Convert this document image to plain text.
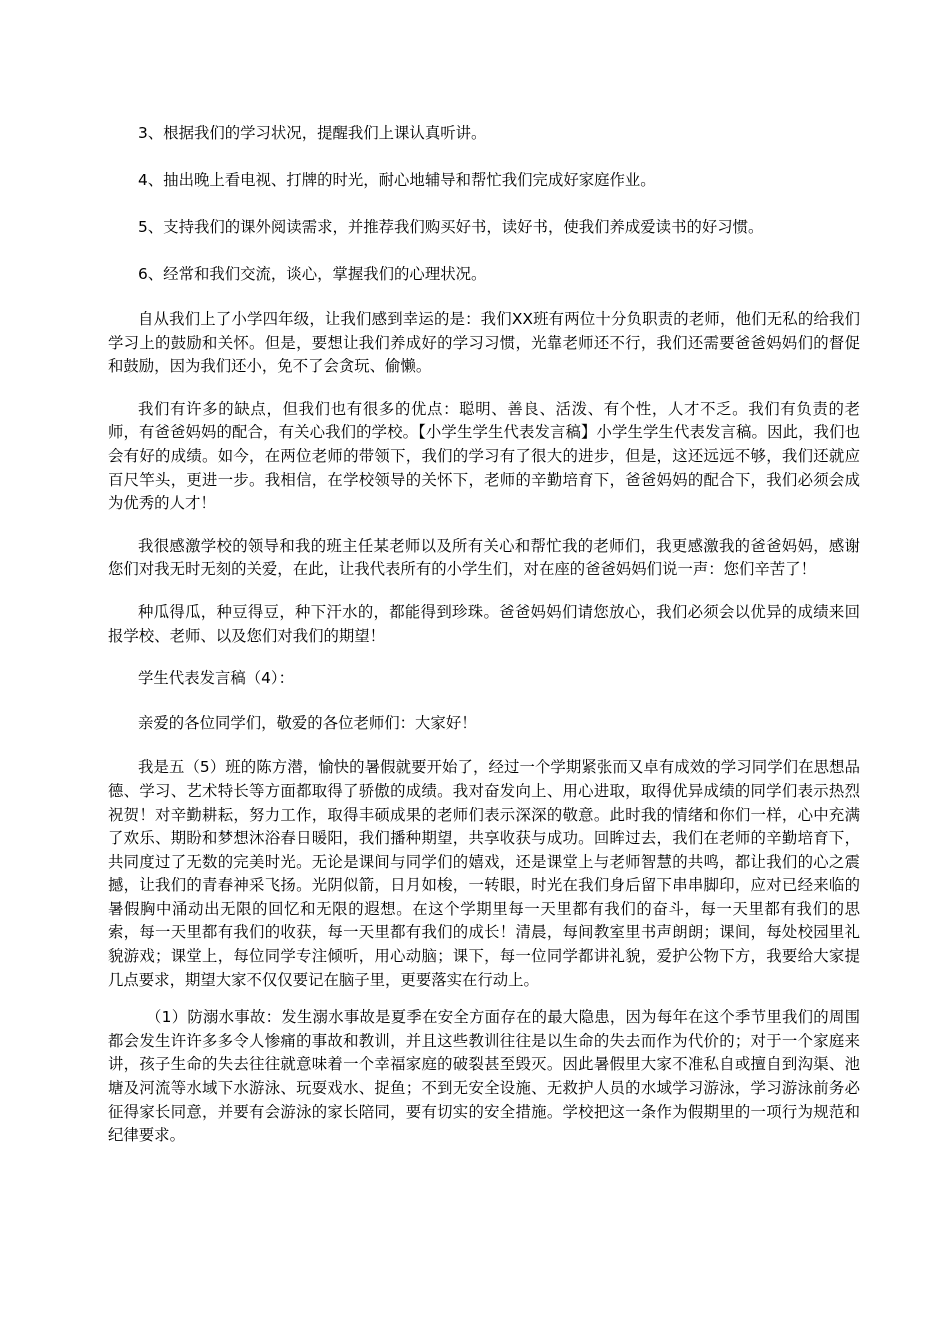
3、根据我们的学习状况，提醒我们上课认真听讲。

4、抽出晚上看电视、打牌的时光，耐心地辅导和帮忙我们完成好家庭作业。

5、支持我们的课外阅读需求，并推荐我们购买好书，读好书，使我们养成爱读书的好习惯。

6、经常和我们交流，谈心，掌握我们的心理状况。

自从我们上了小学四年级，让我们感到幸运的是：我们XX班有两位十分负职责的老师，他们无私的给我们学习上的鼓励和关怀。但是，要想让我们养成好的学习习惯，光靠老师还不行，我们还需要爸爸妈妈们的督促和鼓励，因为我们还小，免不了会贪玩、偷懒。

我们有许多的缺点，但我们也有很多的优点：聪明、善良、活泼、有个性，人才不乏。我们有负责的老师，有爸爸妈妈的配合，有关心我们的学校。【小学生学生代表发言稿】小学生学生代表发言稿。因此，我们也会有好的成绩。如今，在两位老师的带领下，我们的学习有了很大的进步，但是，这还远远不够，我们还就应百尺竿头，更进一步。我相信，在学校领导的关怀下，老师的辛勤培育下，爸爸妈妈的配合下，我们必须会成为优秀的人才！

我很感激学校的领导和我的班主任某老师以及所有关心和帮忙我的老师们，我更感激我的爸爸妈妈，感谢您们对我无时无刻的关爱，在此，让我代表所有的小学生们，对在座的爸爸妈妈们说一声：您们辛苦了！

种瓜得瓜，种豆得豆，种下汗水的，都能得到珍珠。爸爸妈妈们请您放心，我们必须会以优异的成绩来回报学校、老师、以及您们对我们的期望！

学生代表发言稿（4）：

亲爱的各位同学们，敬爱的各位老师们：大家好！

我是五（5）班的陈方潜，愉快的暑假就要开始了，经过一个学期紧张而又卓有成效的学习同学们在思想品德、学习、艺术特长等方面都取得了骄傲的成绩。我对奋发向上、用心进取，取得优异成绩的同学们表示热烈祝贺！对辛勤耕耘，努力工作，取得丰硕成果的老师们表示深深的敬意。此时我的情绪和你们一样，心中充满了欢乐、期盼和梦想沐浴春日暖阳，我们播种期望，共享收获与成功。回眸过去，我们在老师的辛勤培育下，共同度过了无数的完美时光。无论是课间与同学们的嬉戏，还是课堂上与老师智慧的共鸣，都让我们的心之震撼，让我们的青春神采飞扬。光阴似箭，日月如梭，一转眼，时光在我们身后留下串串脚印，应对已经来临的暑假胸中涌动出无限的回忆和无限的遐想。在这个学期里每一天里都有我们的奋斗，每一天里都有我们的思索，每一天里都有我们的收获，每一天里都有我们的成长！清晨，每间教室里书声朗朗；课间，每处校园里礼貌游戏；课堂上，每位同学专注倾听，用心动脑；课下，每一位同学都讲礼貌，爱护公物下方，我要给大家提几点要求，期望大家不仅仅要记在脑子里，更要落实在行动上。

（1）防溺水事故：发生溺水事故是夏季在安全方面存在的最大隐患，因为每年在这个季节里我们的周围都会发生许许多多令人惨痛的事故和教训，并且这些教训往往是以生命的失去而作为代价的；对于一个家庭来讲，孩子生命的失去往往就意味着一个幸福家庭的破裂甚至毁灭。因此暑假里大家不准私自或擅自到沟渠、池塘及河流等水域下水游泳、玩耍戏水、捉鱼；不到无安全设施、无救护人员的水域学习游泳，学习游泳前务必征得家长同意，并要有会游泳的家长陪同，要有切实的安全措施。学校把这一条作为假期里的一项行为规范和纪律要求。
